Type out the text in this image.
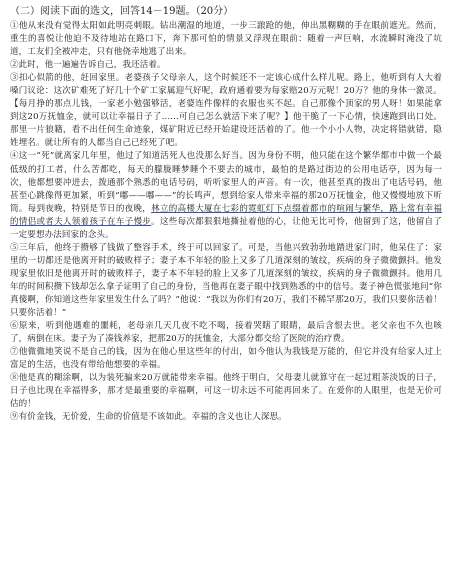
（二）阅读下面的选文，回答14－19题。（20分）

①他从来没有觉得太阳如此明亮刺眼。钻出潮湿的地道，一步三踉跄的他，伸出黑糊糊的手在眼前遮光。然而，重生的喜悦让他迫不及待地站在路口下，奔下那可怕的情景又浮现在眼前：随着一声巨响，水流瞬时淹没了坑道，工友们全被冲走，只有他侥幸地逃了出来。

②此时，他一遍遍告诉自己，我还活着。

③扣心似箭的他，赶回家里。老婆孩子父母亲人，这个时候还不一定该心成什么样儿呢。路上，他听到有人大着嗓门议论：这次矿难死了好几十个矿工家属迎气好呢，政府通着要为每家赔20万元呢！20万？他的身体一激灵。【每月挣的那点儿钱，一家老小勉强够活，老婆连件像样的衣服也买不起。自己那像个顶家的男人呀！如果能拿到这20万抚恤金，就可以让幸福日子了……可自己怎么就活下来了呢？】他干脆了一下心情，快速跑到出口处。那里一片狼籍，看不出任何生命迹象，煤矿附近已经开始建设还活着的了。他一个小小人物，决定将错就错，隐姓埋名。就让所有的人都当自己已经死了吧。

④这一“死”就离家几年里，他过了知道活死人也没那么好当。因为身份不明，他只能在这个繁华都市中做一个最低级的打工者，什么苦都吃，每天的朦胧睡梦睡个不要去的城市，最怕的是路过街边的公用电话亭，因为每一次，他都想要冲进去，拨通那个熟悉的电话号码，听听家里人的声音。有一次，他甚至真的拨出了电话号码，他甚至心跳像得更加紧，听到“嘟——嘟——”的长鸣声，想到给家人带来幸福的那20万抚恤金，他又慢慢地放下听筒。每到夜晚，特别是节日的夜晚，林立的高楼大厦在七彩的霓虹灯下点缀着都市的喧闹与繁华，路上常有幸福的情侣或者夫人领着孩子在车子慢步。这些每次都狠狠地撕扯着他的心，让他无比可怜，他留到了这，他留自了一定要想办法回家的念头。

⑤三年后，他终于攒够了钱做了整容手术，终于可以回家了。可是，当他兴致勃勃地踏进家门时，他呆住了：家里的一切都还是他离开时的破败样子；妻子本不年轻的脸上又多了几道深刻的皱纹，疾病的身子微微颤抖。他发现家里依旧是他离开时的破败样子，妻子本不年轻的脸上又多了几道深刻的皱纹，疾病的身子微微颤抖。他用几年的时间积攒下钱却怎么拿子证明了自己的身份，当他再在妻子眼中找到熟悉的中的信号。妻子神色慌张地问“你真傻啊，你知道这些年家里发生什么了吗？”他说：“我以为你们有20万，我们不稀罕那20万，我们只要你活着！只要你活着！”

⑥原来，听到他遇难的噩耗，老母亲几天几夜不吃不喝，接着哭瞎了眼睛，最后含恨去世。老父亲也不久也咳了，病倒在床。妻子为了凑钱养家，把那20万的抚恤金，大部分都交给了医院的治疗费。

⑦他微微地笑说不是自己的钱，因为在他心里这些年的付出，如今他认为我钱是万能的，但它并没有给家人过上富足的生活，也没有带给他想要的幸福。

⑧他是真的糊涂啊，以为装死骗来20万就能带来幸福。他终于明白，父母妻儿就算守在一起过粗茶淡饭的日子，日子也比现在幸福得多，那才是最重要的幸福啊，可这一切永远不可能再回来了。在爱你的人眼里，也是无价可估的！

⑨有价金钱，无价爱，生命的价值是不该如此。幸福的含义也让人深思。
